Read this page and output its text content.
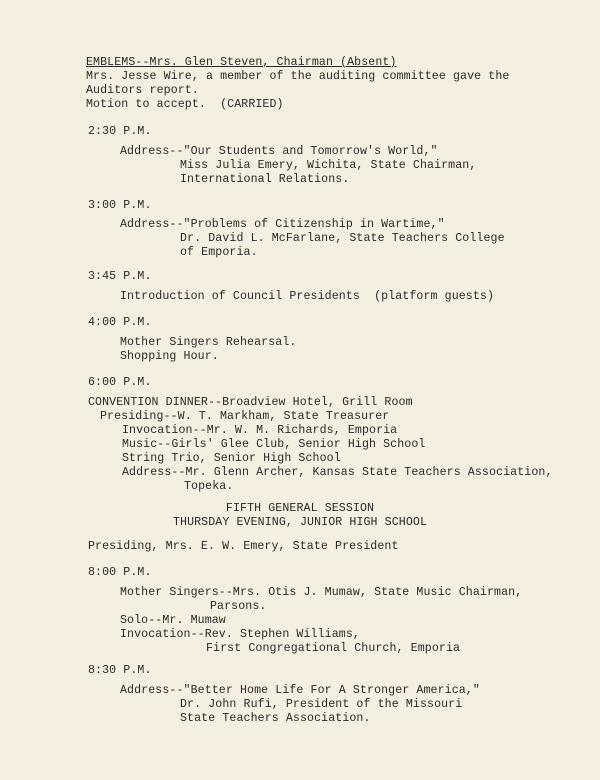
EMBLEMS--Mrs. Glen Steven, Chairman (Absent)
Mrs. Jesse Wire, a member of the auditing committee gave the
Auditors report.
Motion to accept.  (CARRIED)
2:30 P.M.
Address--"Our Students and Tomorrow's World,"
Miss Julia Emery, Wichita, State Chairman,
International Relations.
3:00 P.M.
Address--"Problems of Citizenship in Wartime,"
Dr. David L. McFarlane, State Teachers College
of Emporia.
3:45 P.M.
Introduction of Council Presidents  (platform guests)
4:00 P.M.
Mother Singers Rehearsal.
Shopping Hour.
6:00 P.M.
CONVENTION DINNER--Broadview Hotel, Grill Room
Presiding--W. T. Markham, State Treasurer
Invocation--Mr. W. M. Richards, Emporia
Music--Girls' Glee Club, Senior High School
String Trio, Senior High School
Address--Mr. Glenn Archer, Kansas State Teachers Association,
Topeka.
FIFTH GENERAL SESSION
THURSDAY EVENING, JUNIOR HIGH SCHOOL
Presiding, Mrs. E. W. Emery, State President
8:00 P.M.
Mother Singers--Mrs. Otis J. Mumaw, State Music Chairman,
Parsons.
Solo--Mr. Mumaw
Invocation--Rev. Stephen Williams,
First Congregational Church, Emporia
8:30 P.M.
Address--"Better Home Life For A Stronger America,"
Dr. John Rufi, President of the Missouri
State Teachers Association.
